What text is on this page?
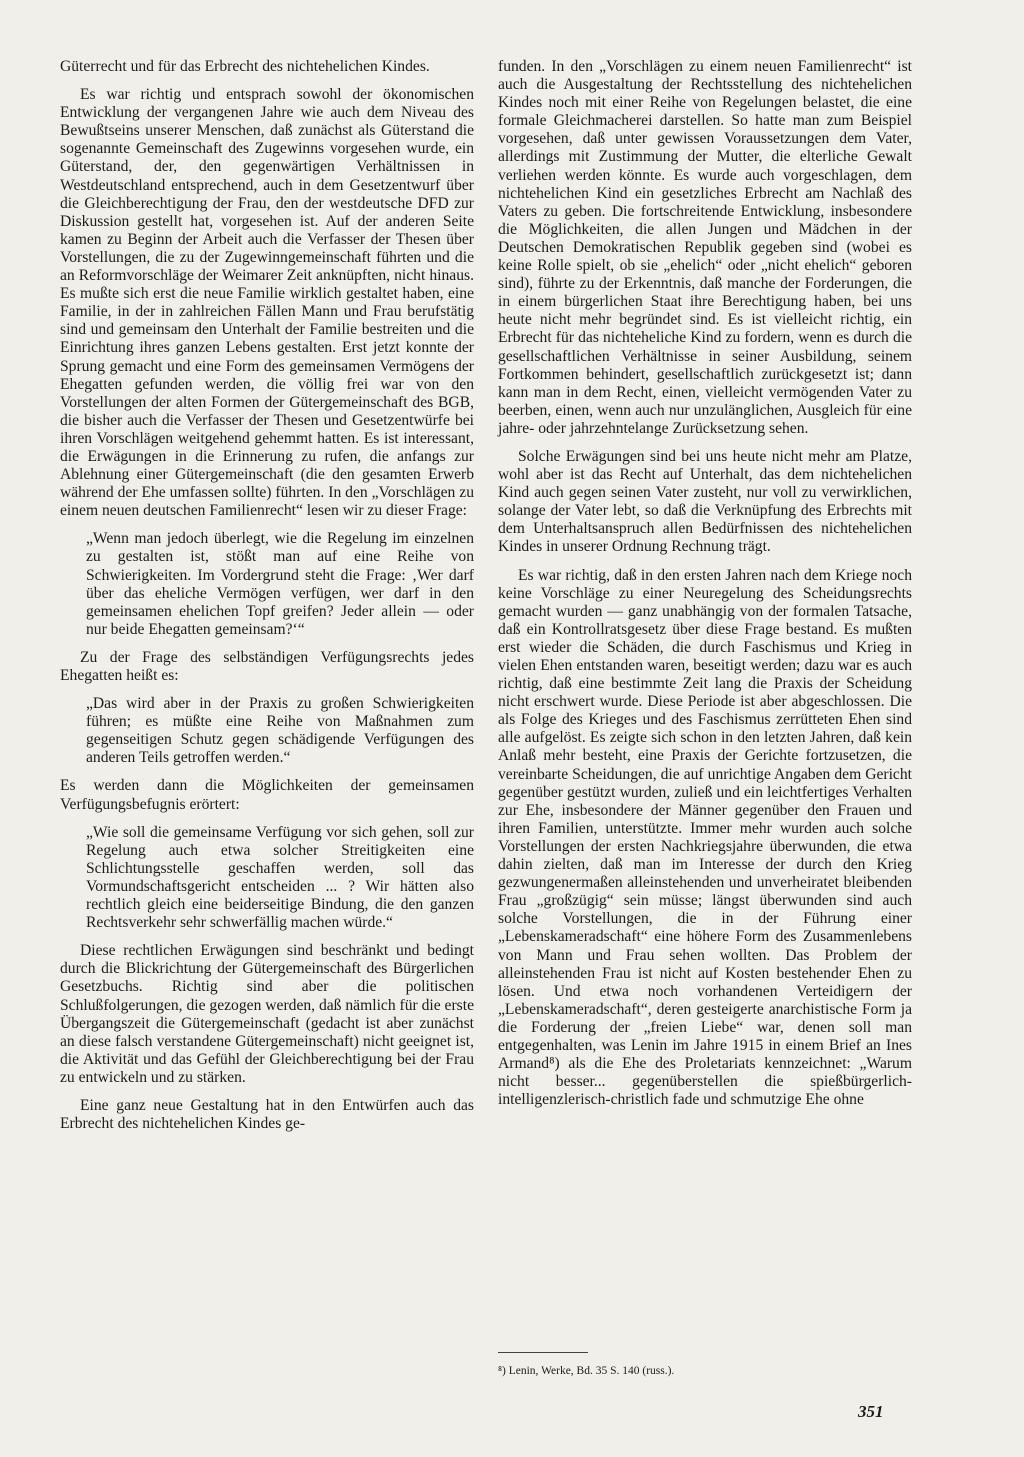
Güterrecht und für das Erbrecht des nichtehelichen Kindes.

Es war richtig und entsprach sowohl der ökonomischen Entwicklung der vergangenen Jahre wie auch dem Niveau des Bewußtseins unserer Menschen, daß zunächst als Güterstand die sogenannte Gemeinschaft des Zugewinns vorgesehen wurde, ein Güterstand, der, den gegenwärtigen Verhältnissen in Westdeutschland entsprechend, auch in dem Gesetzentwurf über die Gleichberechtigung der Frau, den der westdeutsche DFD zur Diskussion gestellt hat, vorgesehen ist. Auf der anderen Seite kamen zu Beginn der Arbeit auch die Verfasser der Thesen über Vorstellungen, die zu der Zugewinngemeinschaft führten und die an Reformvorschläge der Weimarer Zeit anknüpften, nicht hinaus. Es mußte sich erst die neue Familie wirklich gestaltet haben, eine Familie, in der in zahlreichen Fällen Mann und Frau berufstätig sind und gemeinsam den Unterhalt der Familie bestreiten und die Einrichtung ihres ganzen Lebens gestalten. Erst jetzt konnte der Sprung gemacht und eine Form des gemeinsamen Vermögens der Ehegatten gefunden werden, die völlig frei war von den Vorstellungen der alten Formen der Gütergemeinschaft des BGB, die bisher auch die Verfasser der Thesen und Gesetzentwürfe bei ihren Vorschlägen weitgehend gehemmt hatten. Es ist interessant, die Erwägungen in die Erinnerung zu rufen, die anfangs zur Ablehnung einer Gütergemeinschaft (die den gesamten Erwerb während der Ehe umfassen sollte) führten. In den „Vorschlägen zu einem neuen deutschen Familienrecht“ lesen wir zu dieser Frage:

„Wenn man jedoch überlegt, wie die Regelung im einzelnen zu gestalten ist, stößt man auf eine Reihe von Schwierigkeiten. Im Vordergrund steht die Frage: ‚Wer darf über das eheliche Vermögen verfügen, wer darf in den gemeinsamen ehelichen Topf greifen? Jeder allein — oder nur beide Ehegatten gemeinsam?‘“

Zu der Frage des selbständigen Verfügungsrechts jedes Ehegatten heißt es:

„Das wird aber in der Praxis zu großen Schwierigkeiten führen; es müßte eine Reihe von Maßnahmen zum gegenseitigen Schutz gegen schädigende Verfügungen des anderen Teils getroffen werden.“

Es werden dann die Möglichkeiten der gemeinsamen Verfügungsbefugnis erörtert:

„Wie soll die gemeinsame Verfügung vor sich gehen, soll zur Regelung auch etwa solcher Streitigkeiten eine Schlichtungsstelle geschaffen werden, soll das Vormundschaftsgericht entscheiden ... ? Wir hätten also rechtlich gleich eine beiderseitige Bindung, die den ganzen Rechtsverkehr sehr schwerfällig machen würde.“

Diese rechtlichen Erwägungen sind beschränkt und bedingt durch die Blickrichtung der Gütergemeinschaft des Bürgerlichen Gesetzbuchs. Richtig sind aber die politischen Schlußfolgerungen, die gezogen werden, daß nämlich für die erste Übergangszeit die Gütergemeinschaft (gedacht ist aber zunächst an diese falsch verstandene Gütergemeinschaft) nicht geeignet ist, die Aktivität und das Gefühl der Gleichberechtigung bei der Frau zu entwickeln und zu stärken.

Eine ganz neue Gestaltung hat in den Entwürfen auch das Erbrecht des nichtehelichen Kindes ge-

funden. In den „Vorschlägen zu einem neuen Familienrecht“ ist auch die Ausgestaltung der Rechtsstellung des nichtehelichen Kindes noch mit einer Reihe von Regelungen belastet, die eine formale Gleichmacherei darstellen. So hatte man zum Beispiel vorgesehen, daß unter gewissen Voraussetzungen dem Vater, allerdings mit Zustimmung der Mutter, die elterliche Gewalt verliehen werden könnte. Es wurde auch vorgeschlagen, dem nichtehelichen Kind ein gesetzliches Erbrecht am Nachlaß des Vaters zu geben. Die fortschreitende Entwicklung, insbesondere die Möglichkeiten, die allen Jungen und Mädchen in der Deutschen Demokratischen Republik gegeben sind (wobei es keine Rolle spielt, ob sie „ehelich“ oder „nicht ehelich“ geboren sind), führte zu der Erkenntnis, daß manche der Forderungen, die in einem bürgerlichen Staat ihre Berechtigung haben, bei uns heute nicht mehr begründet sind. Es ist vielleicht richtig, ein Erbrecht für das nichteheliche Kind zu fordern, wenn es durch die gesellschaftlichen Verhältnisse in seiner Ausbildung, seinem Fortkommen behindert, gesellschaftlich zurückgesetzt ist; dann kann man in dem Recht, einen, vielleicht vermögenden Vater zu beerben, einen, wenn auch nur unzulänglichen, Ausgleich für eine jahre- oder jahrzehntelange Zurücksetzung sehen.

Solche Erwägungen sind bei uns heute nicht mehr am Platze, wohl aber ist das Recht auf Unterhalt, das dem nichtehelichen Kind auch gegen seinen Vater zusteht, nur voll zu verwirklichen, solange der Vater lebt, so daß die Verknüpfung des Erbrechts mit dem Unterhaltsanspruch allen Bedürfnissen des nichtehelichen Kindes in unserer Ordnung Rechnung trägt.

Es war richtig, daß in den ersten Jahren nach dem Kriege noch keine Vorschläge zu einer Neuregelung des Scheidungsrechts gemacht wurden — ganz unabhängig von der formalen Tatsache, daß ein Kontrollratsgesetz über diese Frage bestand. Es mußten erst wieder die Schäden, die durch Faschismus und Krieg in vielen Ehen entstanden waren, beseitigt werden; dazu war es auch richtig, daß eine bestimmte Zeit lang die Praxis der Scheidung nicht erschwert wurde. Diese Periode ist aber abgeschlossen. Die als Folge des Krieges und des Faschismus zerrütteten Ehen sind alle aufgelöst. Es zeigte sich schon in den letzten Jahren, daß kein Anlaß mehr besteht, eine Praxis der Gerichte fortzusetzen, die vereinbarte Scheidungen, die auf unrichtige Angaben dem Gericht gegenüber gestützt wurden, zuließ und ein leichtfertiges Verhalten zur Ehe, insbesondere der Männer gegenüber den Frauen und ihren Familien, unterstützte. Immer mehr wurden auch solche Vorstellungen der ersten Nachkriegsjahre überwunden, die etwa dahin zielten, daß man im Interesse der durch den Krieg gezwungenermaßen alleinstehenden und unverheiratet bleibenden Frau „großzügig“ sein müsse; längst überwunden sind auch solche Vorstellungen, die in der Führung einer „Lebenskameradschaft“ eine höhere Form des Zusammenlebens von Mann und Frau sehen wollten. Das Problem der alleinstehenden Frau ist nicht auf Kosten bestehender Ehen zu lösen. Und etwa noch vorhandenen Verteidigern der „Lebenskameradschaft“, deren gesteigerte anarchistische Form ja die Forderung der „freien Liebe“ war, denen soll man entgegenhalten, was Lenin im Jahre 1915 in einem Brief an Ines Armand⁸) als die Ehe des Proletariats kennzeichnet: „Warum nicht besser... gegenüberstellen die spießbürgerlich-intelligenzlerisch-christlich fade und schmutzige Ehe ohne

⁸) Lenin, Werke, Bd. 35 S. 140 (russ.).
351
